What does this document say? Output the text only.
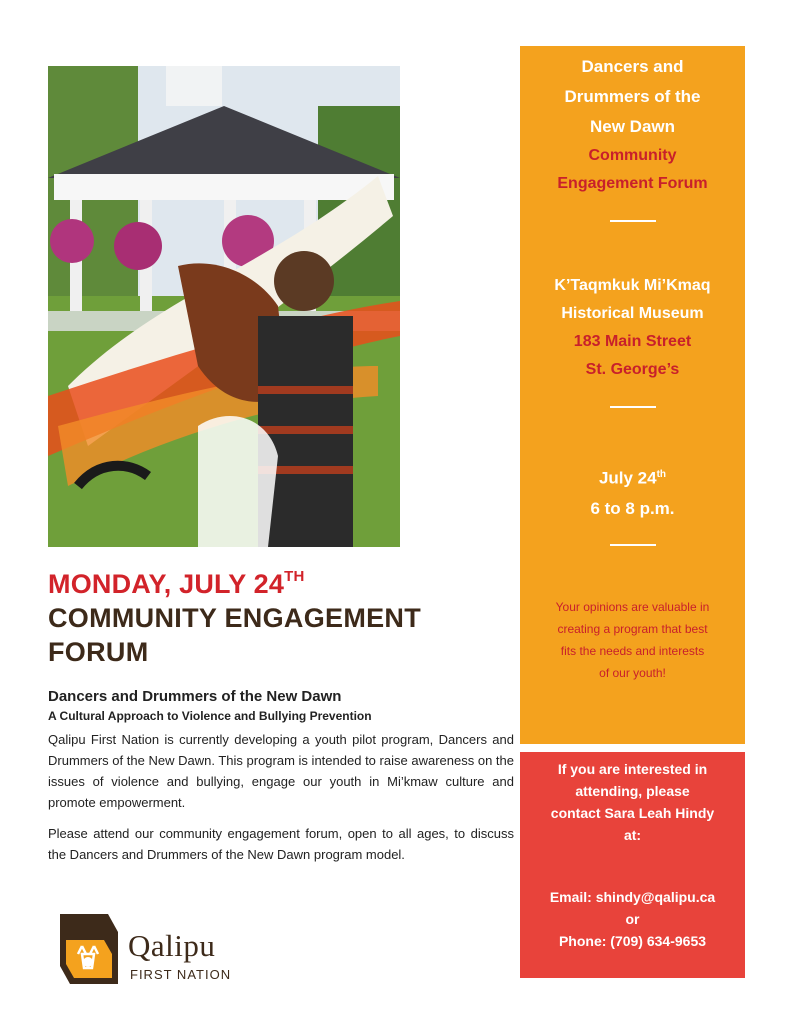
MONDAY, JULY 24TH
COMMUNITY ENGAGEMENT
FORUM
Dancers and Drummers of the New Dawn
A Cultural Approach to Violence and Bullying Prevention

Qalipu First Nation is currently developing a youth pilot program, Dancers and Drummers of the New Dawn. This program is intended to raise awareness on the issues of violence and bullying, engage our youth in Mi’kmaw culture and promote empowerment.

Please attend our community engagement forum, open to all ages, to discuss the Dancers and Drummers of the New Dawn program model.

Qalipu
FIRST NATION
Dancers and
Drummers of the
New Dawn
Community
Engagement Forum
K’Taqmkuk Mi’Kmaq
Historical Museum
183 Main Street
St. George’s
July 24th
6 to 8 p.m.
Your opinions are valuable in
creating a program that best
fits the needs and interests
of our youth!
If you are interested in
attending, please
contact Sara Leah Hindy
at:
Email: shindy@qalipu.ca
or
Phone: (709) 634-9653
